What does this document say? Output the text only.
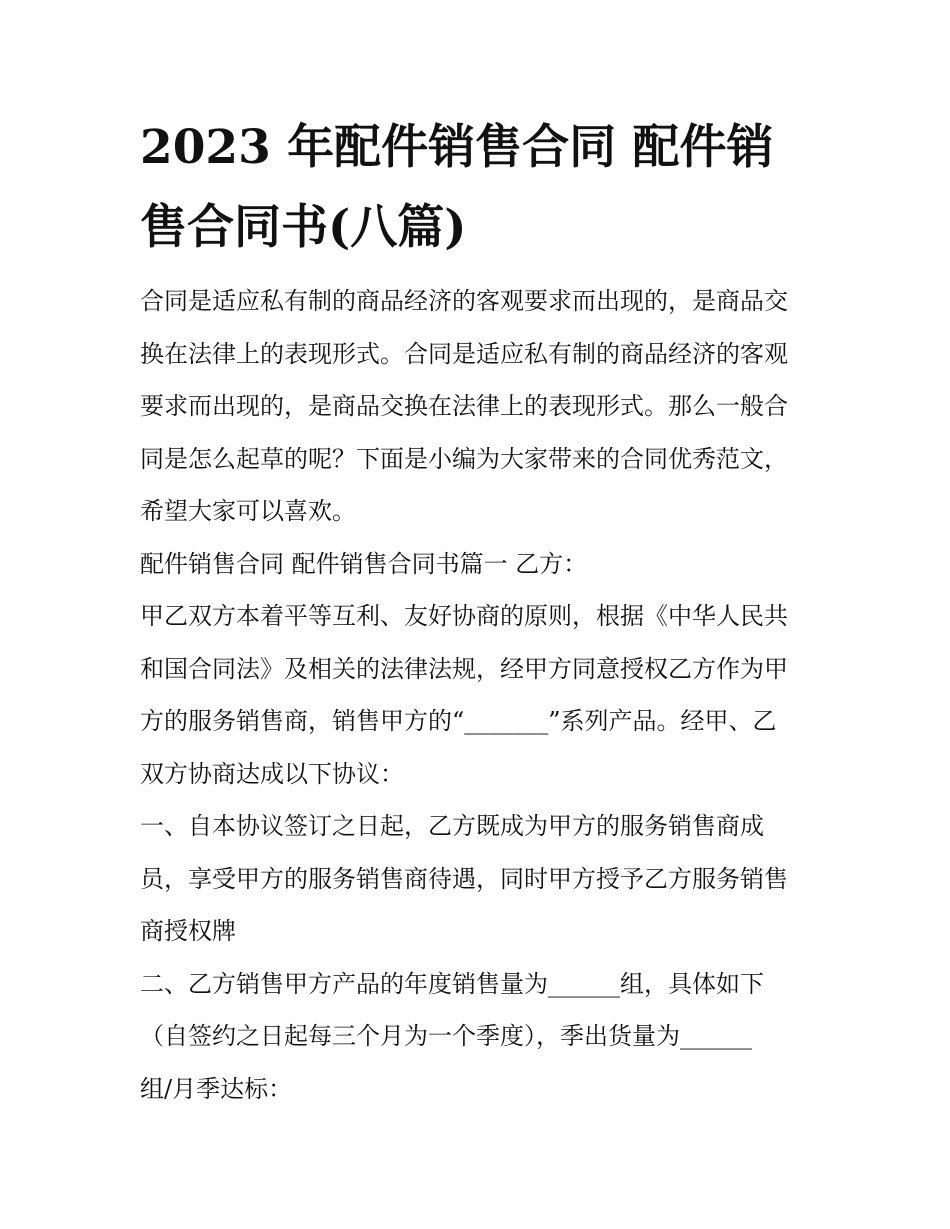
2023 年配件销售合同 配件销
售合同书(八篇)

合同是适应私有制的商品经济的客观要求而出现的，是商品交
换在法律上的表现形式。合同是适应私有制的商品经济的客观
要求而出现的，是商品交换在法律上的表现形式。那么一般合
同是怎么起草的呢？下面是小编为大家带来的合同优秀范文，
希望大家可以喜欢。

配件销售合同 配件销售合同书篇一 乙方：

甲乙双方本着平等互利、友好协商的原则，根据《中华人民共
和国合同法》及相关的法律法规，经甲方同意授权乙方作为甲
方的服务销售商，销售甲方的“_______”系列产品。经甲、乙
双方协商达成以下协议：

一、自本协议签订之日起，乙方既成为甲方的服务销售商成
员，享受甲方的服务销售商待遇，同时甲方授予乙方服务销售
商授权牌

二、乙方销售甲方产品的年度销售量为______组，具体如下
（自签约之日起每三个月为一个季度），季出货量为______
组/月季达标：
